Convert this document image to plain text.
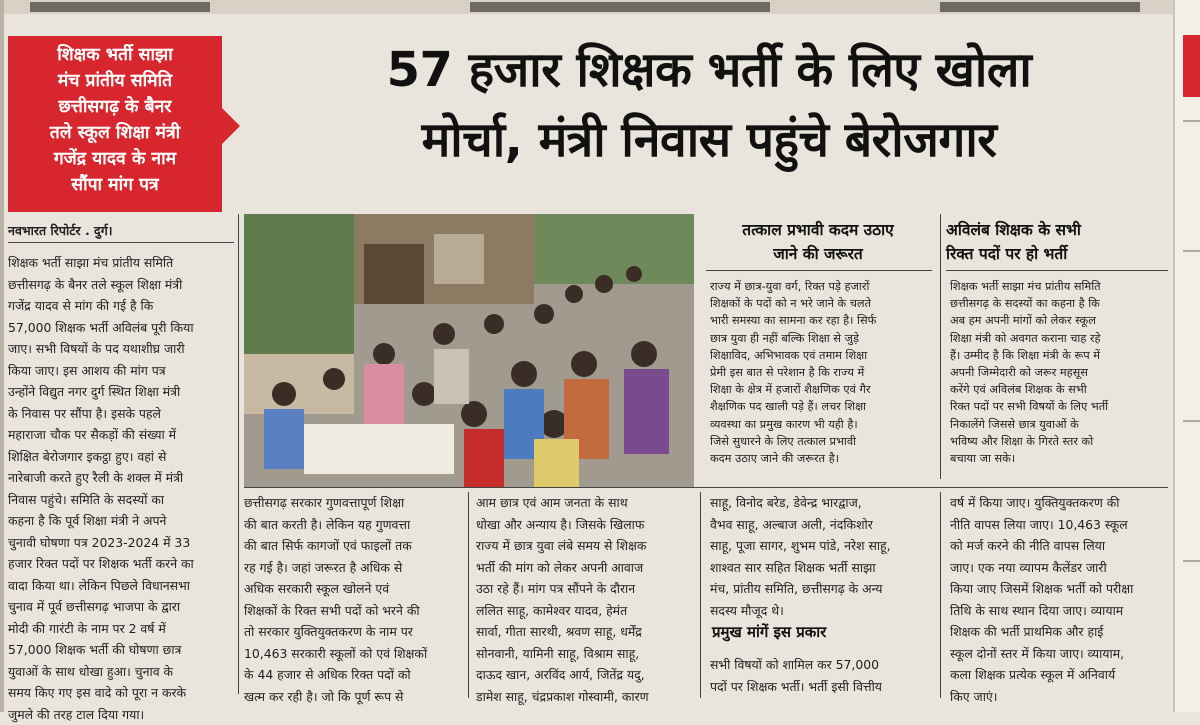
शिक्षक भर्ती साझा
मंच प्रांतीय समिति
छत्तीसगढ़ के बैनर
तले स्कूल शिक्षा मंत्री
गजेंद्र यादव के नाम
सौंपा मांग पत्र
57 हजार शिक्षक भर्ती के लिए खोला
मोर्चा, मंत्री निवास पहुंचे बेरोजगार
नवभारत रिपोर्टर . दुर्ग।

शिक्षक भर्ती साझा मंच प्रांतीय समिति

छत्तीसगढ़ के बैनर तले स्कूल शिक्षा मंत्री

गजेंद्र यादव से मांग की गई है कि

57,000 शिक्षक भर्ती अविलंब पूरी किया

जाए। सभी विषयों के पद यथाशीघ्र जारी

किया जाए। इस आशय की मांग पत्र

उन्होंने विद्युत नगर दुर्ग स्थित शिक्षा मंत्री

के निवास पर सौंपा है। इसके पहले

महाराजा चौक पर सैकड़ों की संख्या में

शिक्षित बेरोजगार इकट्ठा हुए। वहां से

नारेबाजी करते हुए रैली के शक्ल में मंत्री

निवास पहुंचे। समिति के सदस्यों का

कहना है कि पूर्व शिक्षा मंत्री ने अपने

चुनावी घोषणा पत्र 2023-2024 में 33

हजार रिक्त पदों पर शिक्षक भर्ती करने का

वादा किया था। लेकिन पिछले विधानसभा

चुनाव में पूर्व छत्तीसगढ़ भाजपा के द्वारा

मोदी की गारंटी के नाम पर 2 वर्ष में

57,000 शिक्षक भर्ती की घोषणा छात्र

युवाओं के साथ धोखा हुआ। चुनाव के

समय किए गए इस वादे को पूरा न करके

जुमले की तरह टाल दिया गया।

तत्काल प्रभावी कदम उठाए
जाने की जरूरत

राज्य में छात्र-युवा वर्ग, रिक्त पड़े हजारों

शिक्षकों के पदों को न भरे जाने के चलते

भारी समस्या का सामना कर रहा है। सिर्फ

छात्र युवा ही नहीं बल्कि शिक्षा से जुड़े

शिक्षाविद, अभिभावक एवं तमाम शिक्षा

प्रेमी इस बात से परेशान है कि राज्य में

शिक्षा के क्षेत्र में हजारों शैक्षणिक एवं गैर

शैक्षणिक पद खाली पड़े हैं। लचर शिक्षा

व्यवस्था का प्रमुख कारण भी यही है।

जिसे सुधारने के लिए तत्काल प्रभावी

कदम उठाए जाने की जरूरत है।

अविलंब शिक्षक के सभी
रिक्त पदों पर हो भर्ती

शिक्षक भर्ती साझा मंच प्रांतीय समिति

छत्तीसगढ़ के सदस्यों का कहना है कि

अब हम अपनी मांगों को लेकर स्कूल

शिक्षा मंत्री को अवगत कराना चाह रहे

हैं। उम्मीद है कि शिक्षा मंत्री के रूप में

अपनी जिम्मेदारी को जरूर महसूस

करेंगे एवं अविलंब शिक्षक के सभी

रिक्त पदों पर सभी विषयों के लिए भर्ती

निकालेंगे जिससे छात्र युवाओं के

भविष्य और शिक्षा के गिरते स्तर को

बचाया जा सके।

छत्तीसगढ़ सरकार गुणवत्तापूर्ण शिक्षा

की बात करती है। लेकिन यह गुणवत्ता

की बात सिर्फ कागजों एवं फाइलों तक

रह गई है। जहां जरूरत है अधिक से

अधिक सरकारी स्कूल खोलने एवं

शिक्षकों के रिक्त सभी पदों को भरने की

तो सरकार युक्तियुक्तकरण के नाम पर

10,463 सरकारी स्कूलों को एवं शिक्षकों

के 44 हजार से अधिक रिक्त पदों को

खत्म कर रही है। जो कि पूर्ण रूप से

आम छात्र एवं आम जनता के साथ

धोखा और अन्याय है। जिसके खिलाफ

राज्य में छात्र युवा लंबे समय से शिक्षक

भर्ती की मांग को लेकर अपनी आवाज

उठा रहे हैं। मांग पत्र सौंपने के दौरान

ललित साहू, कामेश्वर यादव, हेमंत

सार्वा, गीता सारथी, श्रवण साहू, धर्मेंद्र

सोनवानी, यामिनी साहू, विश्राम साहू,

दाऊद खान, अरविंद आर्य, जितेंद्र यदु,

डामेश साहू, चंद्रप्रकाश गोस्वामी, कारण

साहू, विनोद बरेड, डेवेन्द्र भारद्वाज,

वैभव साहू, अल्बाज अली, नंदकिशोर

साहू, पूजा सागर, शुभम पांडे, नरेश साहू,

शाश्वत सार सहित शिक्षक भर्ती साझा

मंच, प्रांतीय समिति, छत्तीसगढ़ के अन्य

सदस्य मौजूद थे।

प्रमुख मांगें इस प्रकार

सभी विषयों को शामिल कर 57,000

पदों पर शिक्षक भर्ती। भर्ती इसी वित्तीय

वर्ष में किया जाए। युक्तियुक्तकरण की

नीति वापस लिया जाए। 10,463 स्कूल

को मर्ज करने की नीति वापस लिया

जाए। एक नया व्यापम कैलेंडर जारी

किया जाए जिसमें शिक्षक भर्ती को परीक्षा

तिथि के साथ स्थान दिया जाए। व्यायाम

शिक्षक की भर्ती प्राथमिक और हाई

स्कूल दोनों स्तर में किया जाए। व्यायाम,

कला शिक्षक प्रत्येक स्कूल में अनिवार्य

किए जाएं।
